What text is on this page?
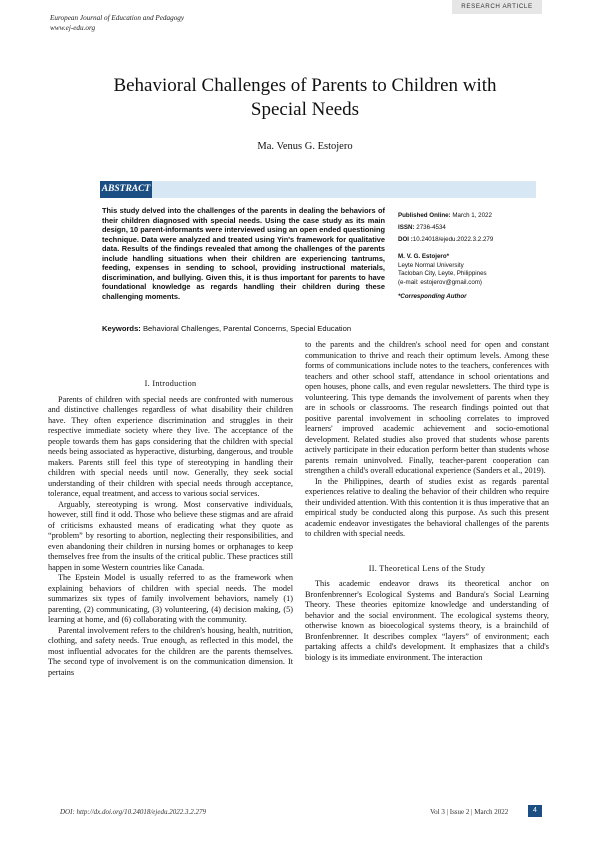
European Journal of Education and Pedagogy
www.ej-edu.org
RESEARCH ARTICLE
Behavioral Challenges of Parents to Children with
Special Needs
Ma. Venus G. Estojero
ABSTRACT
This study delved into the challenges of the parents in dealing the behaviors of their children diagnosed with special needs. Using the case study as its main design, 10 parent-informants were interviewed using an open ended questioning technique. Data were analyzed and treated using Yin's framework for qualitative data. Results of the findings revealed that among the challenges of the parents include handling situations when their children are experiencing tantrums, feeding, expenses in sending to school, providing instructional materials, discrimination, and bullying. Given this, it is thus important for parents to have foundational knowledge as regards handling their children during these challenging moments.
Keywords: Behavioral Challenges, Parental Concerns, Special Education
Published Online: March 1, 2022
ISSN: 2736-4534
DOI :10.24018/ejedu.2022.3.2.279
M. V. G. Estojero*
Leyte Normal University
Tacloban City, Leyte, Philippines
(e-mail: estojerov@gmail.com)
*Corresponding Author
I. Introduction

Parents of children with special needs are confronted with numerous and distinctive challenges regardless of what disability their children have. They often experience discrimination and struggles in their respective immediate society where they live. The acceptance of the people towards them has gaps considering that the children with special needs being associated as hyperactive, disturbing, dangerous, and trouble makers. Parents still feel this type of stereotyping in handling their children with special needs until now. Generally, they seek social understanding of their children with special needs through acceptance, tolerance, equal treatment, and access to various social services.

Arguably, stereotyping is wrong. Most conservative individuals, however, still find it odd. Those who believe these stigmas and are afraid of criticisms exhausted means of eradicating what they quote as “problem” by resorting to abortion, neglecting their responsibilities, and even abandoning their children in nursing homes or orphanages to keep themselves free from the insults of the critical public. These practices still happen in some Western countries like Canada.

The Epstein Model is usually referred to as the framework when explaining behaviors of children with special needs. The model summarizes six types of family involvement behaviors, namely (1) parenting, (2) communicating, (3) volunteering, (4) decision making, (5) learning at home, and (6) collaborating with the community.

Parental involvement refers to the children's housing, health, nutrition, clothing, and safety needs. True enough, as reflected in this model, the most influential advocates for the children are the parents themselves. The second type of involvement is on the communication dimension. It pertains

to the parents and the children's school need for open and constant communication to thrive and reach their optimum levels. Among these forms of communications include notes to the teachers, conferences with teachers and other school staff, attendance in school orientations and open houses, phone calls, and even regular newsletters. The third type is volunteering. This type demands the involvement of parents when they are in schools or classrooms. The research findings pointed out that positive parental involvement in schooling correlates to improved learners' improved academic achievement and socio-emotional development. Related studies also proved that students whose parents actively participate in their education perform better than students whose parents remain uninvolved. Finally, teacher-parent cooperation can strengthen a child's overall educational experience (Sanders et al., 2019).

In the Philippines, dearth of studies exist as regards parental experiences relative to dealing the behavior of their children who require their undivided attention. With this contention it is thus imperative that an empirical study be conducted along this purpose. As such this present academic endeavor investigates the behavioral challenges of the parents to children with special needs.

II. Theoretical Lens of the Study

This academic endeavor draws its theoretical anchor on Bronfenbrenner's Ecological Systems and Bandura's Social Learning Theory. These theories epitomize knowledge and understanding of behavior and the social environment. The ecological systems theory, otherwise known as bioecological systems theory, is a brainchild of Bronfenbrenner. It describes complex “layers” of environment; each partaking affects a child's development. It emphasizes that a child's biology is its immediate environment. The interaction

DOI: http://dx.doi.org/10.24018/ejedu.2022.3.2.279	Vol 3 | Issue 2 | March 2022	4
